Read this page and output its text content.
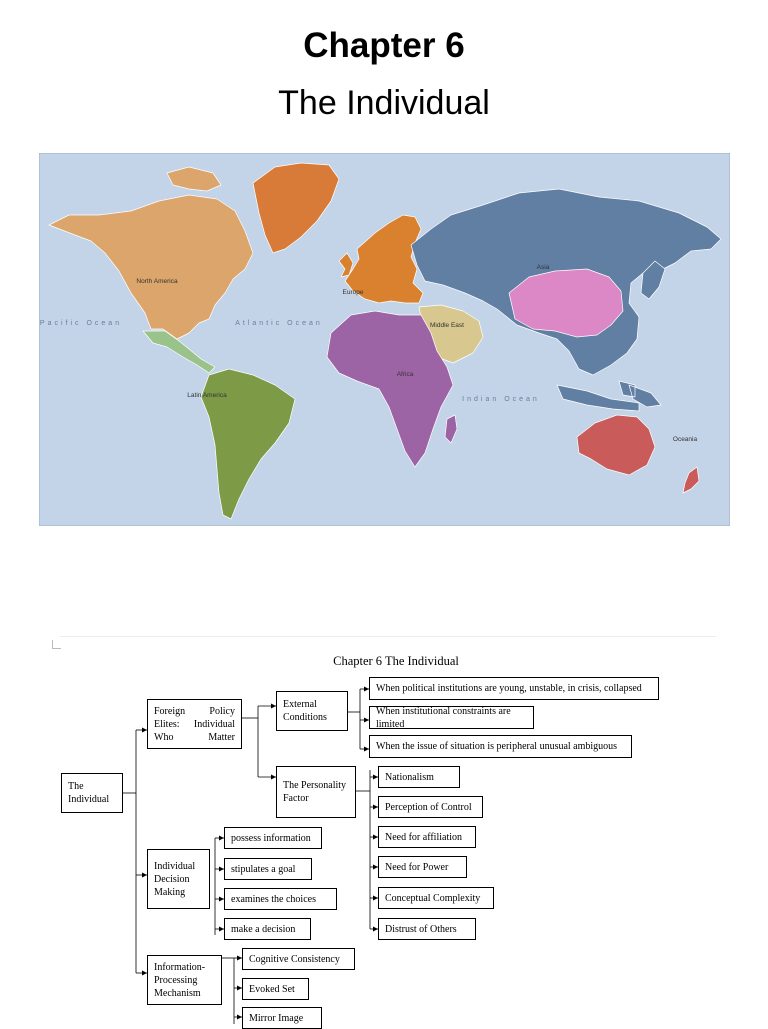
Chapter 6
The Individual
North America
Europe
Asia
Middle East
Africa
Latin America
Oceania
Pacific Ocean	Atlantic Ocean
Indian Ocean
Chapter 6 The Individual
The Individual
Foreign Policy Elites: Individual Who Matter
External Conditions
When political institutions are young, unstable, in crisis, collapsed
When institutional constraints are limited
When the issue of situation is peripheral unusual ambiguous
The Personality Factor
Nationalism
Perception of Control
Need for affiliation
Need for Power
Conceptual Complexity
Distrust of Others
Individual Decision Making
possess information
stipulates a goal
examines the choices
make a decision
Information-Processing Mechanism
Cognitive Consistency
Evoked Set
Mirror Image
